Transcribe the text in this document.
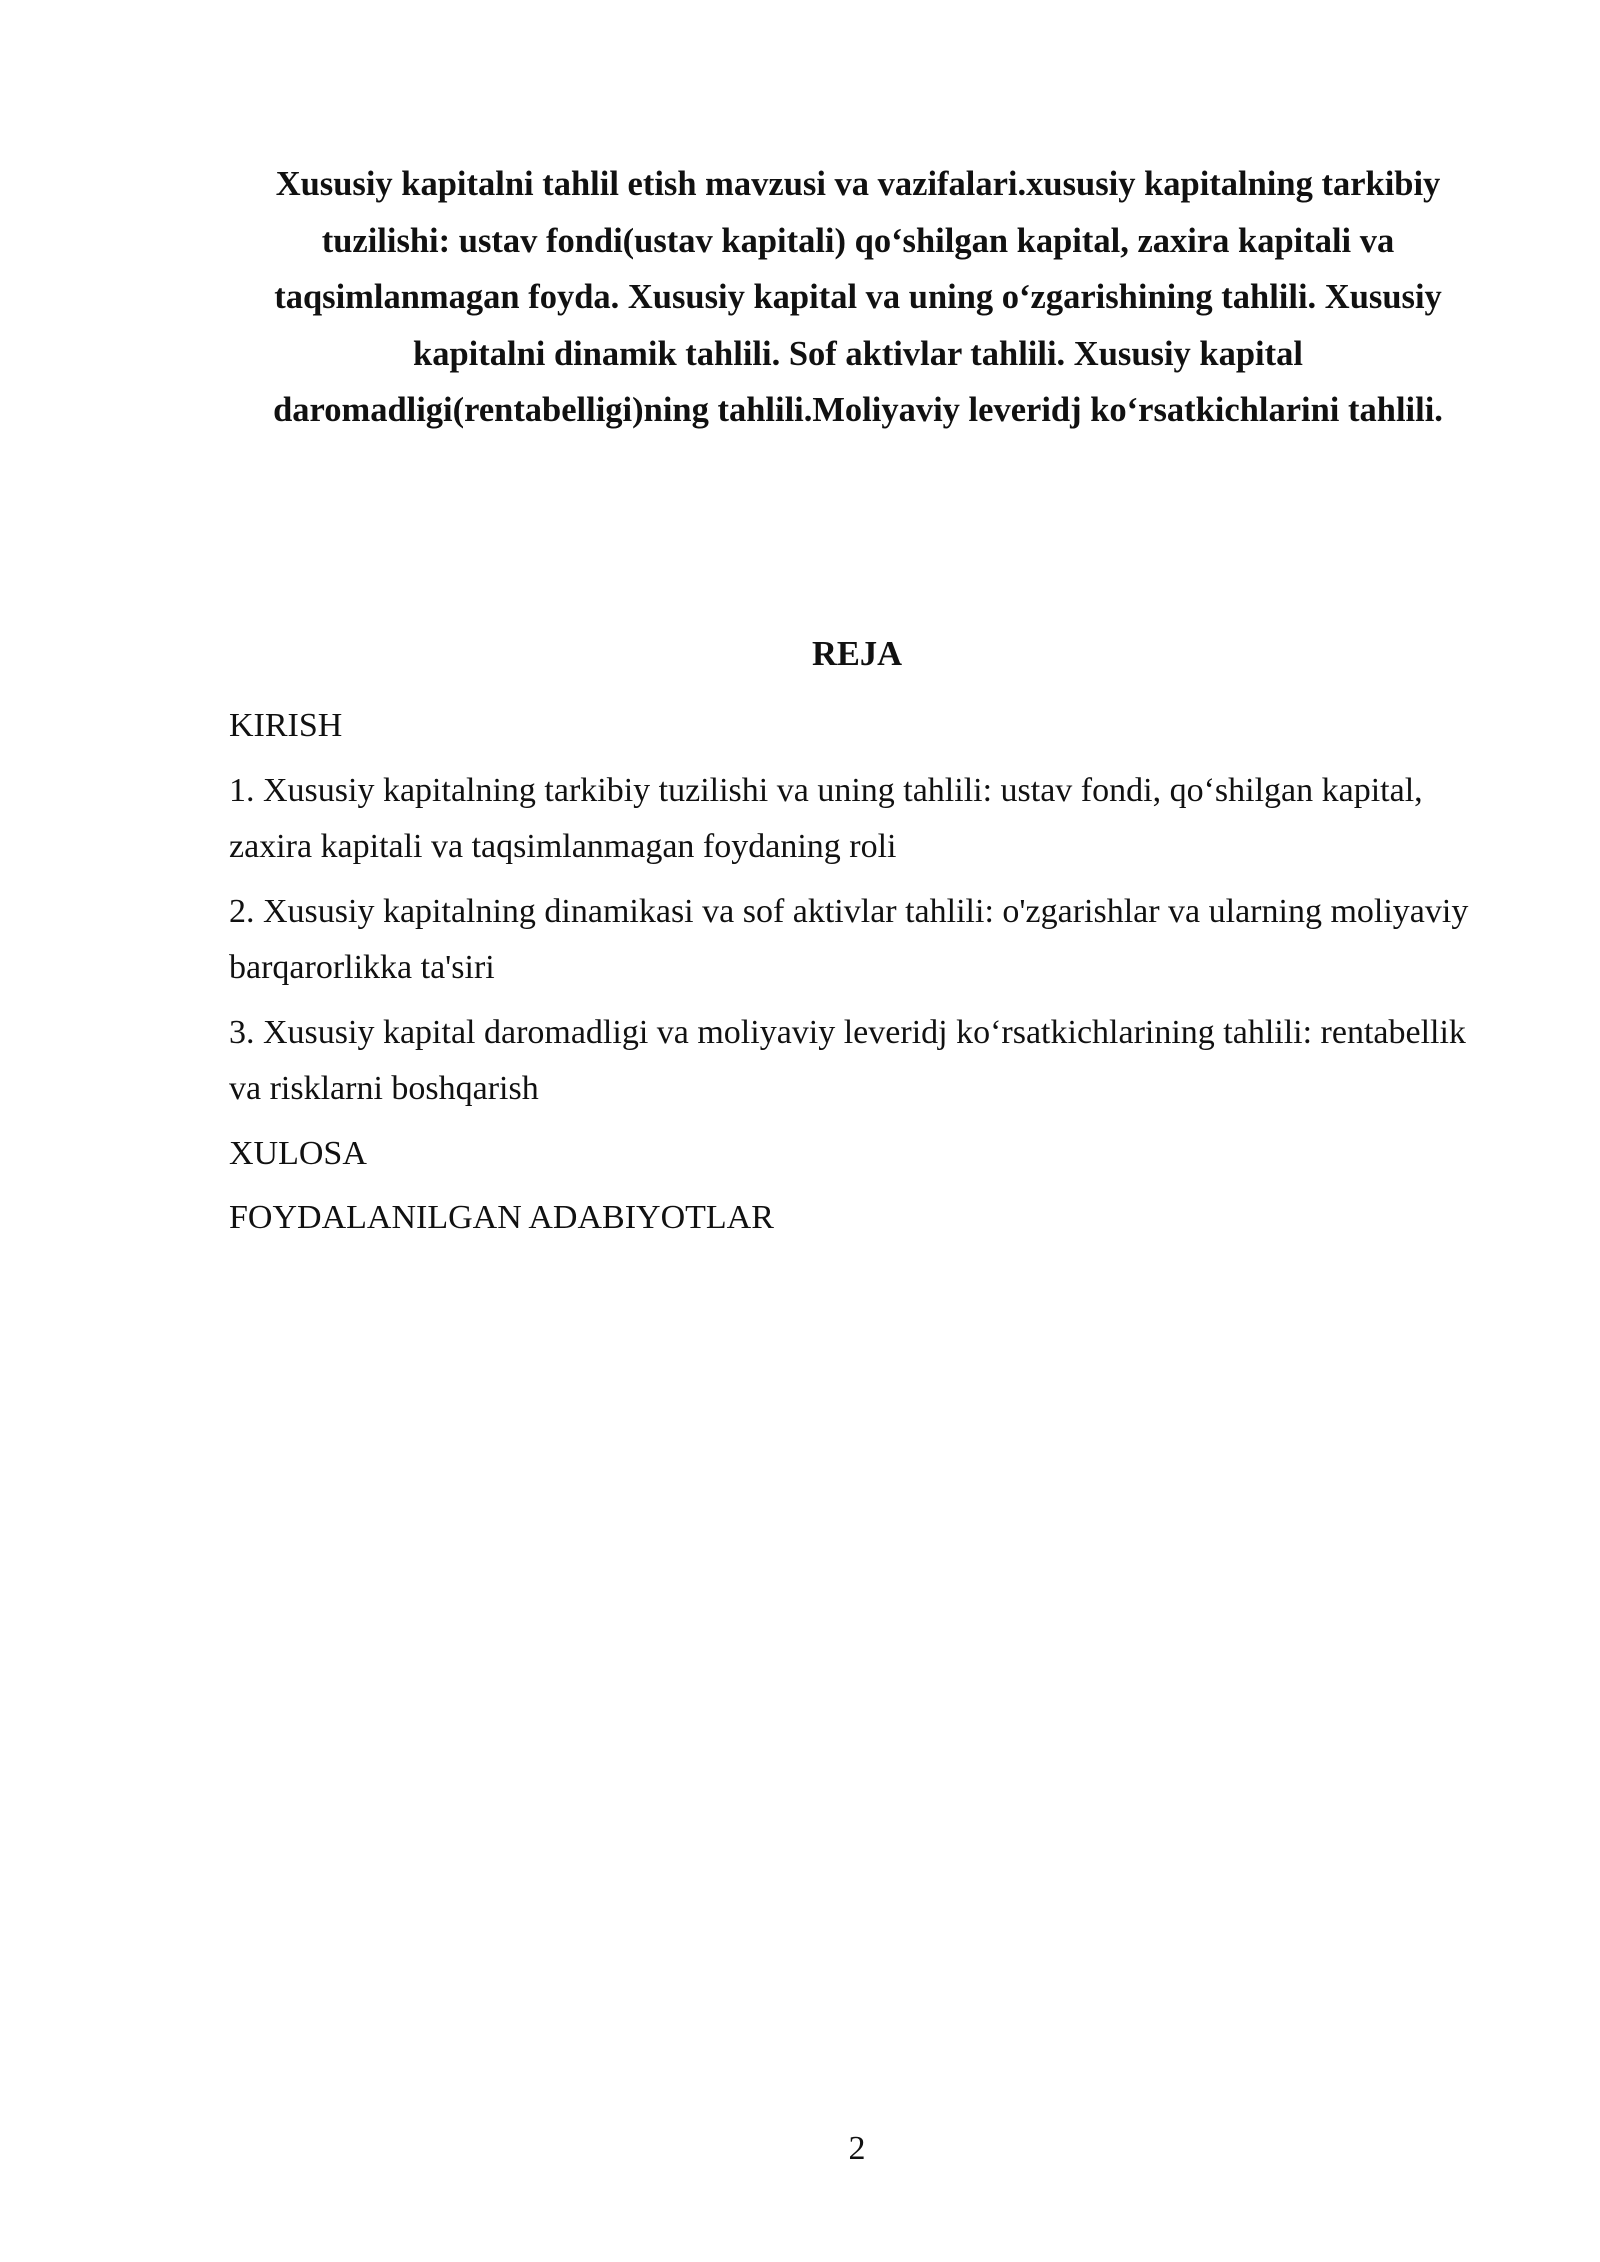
Xususiy kapitalni tahlil etish mavzusi va vazifalari.xususiy kapitalning tarkibiy tuzilishi: ustav fondi(ustav kapitali) qo‘shilgan kapital, zaxira kapitali va taqsimlanmagan foyda. Xususiy kapital va uning o‘zgarishining tahlili. Xususiy kapitalni dinamik tahlili. Sof aktivlar tahlili. Xususiy kapital daromadligi(rentabelligi)ning tahlili.Moliyaviy leveridj ko‘rsatkichlarini tahlili.

REJA

KIRISH
1. Xususiy kapitalning tarkibiy tuzilishi va uning tahlili: ustav fondi, qo‘shilgan kapital, zaxira kapitali va taqsimlanmagan foydaning roli
2. Xususiy kapitalning dinamikasi va sof aktivlar tahlili: o'zgarishlar va ularning moliyaviy barqarorlikka ta'siri
3. Xususiy kapital daromadligi va moliyaviy leveridj ko‘rsatkichlarining tahlili: rentabellik va risklarni boshqarish
XULOSA
FOYDALANILGAN ADABIYOTLAR

2
